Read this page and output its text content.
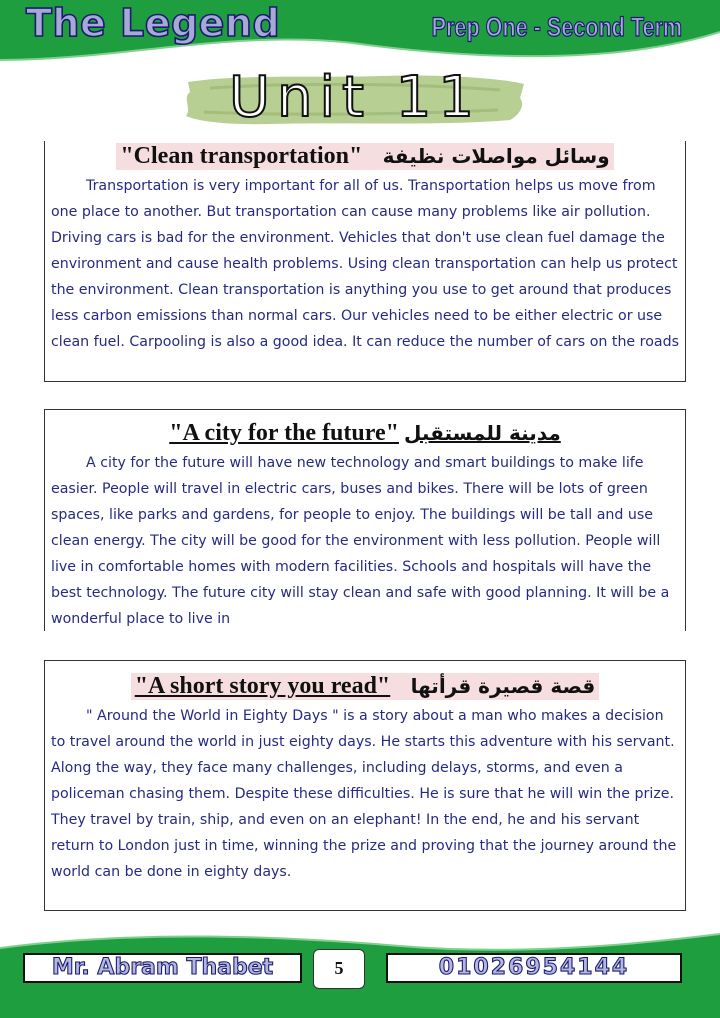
The Legend	Prep One - Second Term
Unit 11
"Clean transportation" وسائل مواصلات نظيفة

Transportation is very important for all of us. Transportation helps us move from one place to another. But transportation can cause many problems like air pollution. Driving cars is bad for the environment. Vehicles that don't use clean fuel damage the environment and cause health problems. Using clean transportation can help us protect the environment. Clean transportation is anything you use to get around that produces less carbon emissions than normal cars. Our vehicles need to be either electric or use clean fuel. Carpooling is also a good idea. It can reduce the number of cars on the roads

"A city for the future" مدينة للمستقبل

A city for the future will have new technology and smart buildings to make life easier. People will travel in electric cars, buses and bikes. There will be lots of green spaces, like parks and gardens, for people to enjoy. The buildings will be tall and use clean energy. The city will be good for the environment with less pollution. People will live in comfortable homes with modern facilities. Schools and hospitals will have the best technology. The future city will stay clean and safe with good planning. It will be a wonderful place to live in

"A short story you read" قصة قصيرة قرأتها

" Around the World in Eighty Days " is a story about a man who makes a decision to travel around the world in just eighty days. He starts this adventure with his servant. Along the way, they face many challenges, including delays, storms, and even a policeman chasing them. Despite these difficulties. He is sure that he will win the prize. They travel by train, ship, and even on an elephant! In the end, he and his servant return to London just in time, winning the prize and proving that the journey around the world can be done in eighty days.

Mr. Abram Thabet	5	01026954144
